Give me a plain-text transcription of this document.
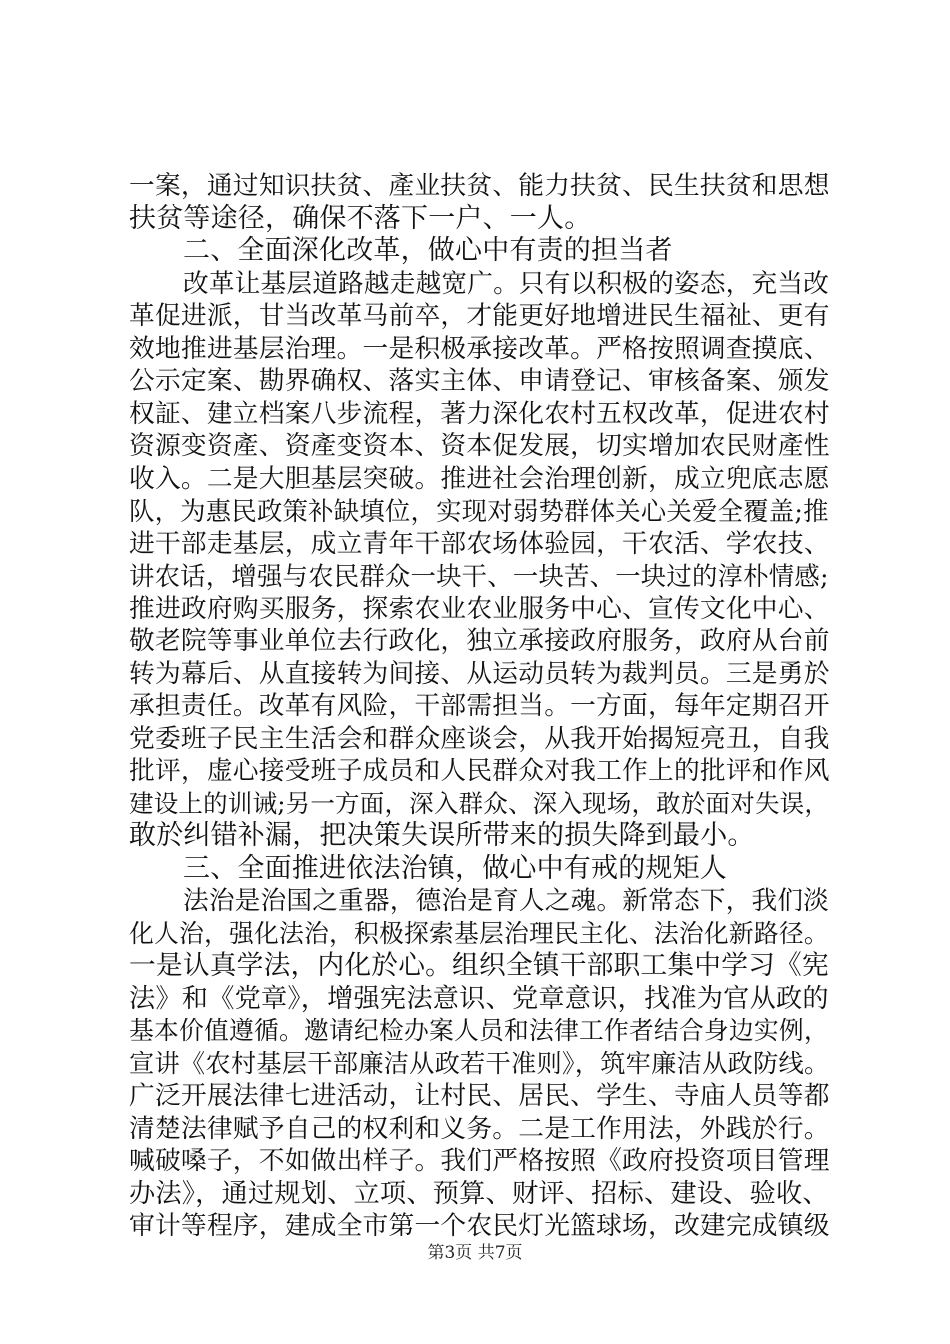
一案，通过知识扶贫、產业扶贫、能力扶贫、民生扶贫和思想
扶贫等途径，确保不落下一户、一人。
二、全面深化改革，做心中有责的担当者
改革让基层道路越走越宽广。只有以积极的姿态，充当改
革促进派，甘当改革马前卒，才能更好地增进民生福祉、更有
效地推进基层治理。一是积极承接改革。严格按照调查摸底、
公示定案、勘界确权、落实主体、申请登记、审核备案、颁发
权証、建立档案八步流程，著力深化农村五权改革，促进农村
资源变资產、资產变资本、资本促发展，切实增加农民财產性
收入。二是大胆基层突破。推进社会治理创新，成立兜底志愿
队，为惠民政策补缺填位，实现对弱势群体关心关爱全覆盖;推
进干部走基层，成立青年干部农场体验园，干农活、学农技、
讲农话，增强与农民群众一块干、一块苦、一块过的淳朴情感;
推进政府购买服务，探索农业农业服务中心、宣传文化中心、
敬老院等事业单位去行政化，独立承接政府服务，政府从台前
转为幕后、从直接转为间接、从运动员转为裁判员。三是勇於
承担责任。改革有风险，干部需担当。一方面，每年定期召开
党委班子民主生活会和群众座谈会，从我开始揭短亮丑，自我
批评，虚心接受班子成员和人民群众对我工作上的批评和作风
建设上的训诫;另一方面，深入群众、深入现场，敢於面对失误，
敢於纠错补漏，把决策失误所带来的损失降到最小。
三、全面推进依法治镇，做心中有戒的规矩人
法治是治国之重器，德治是育人之魂。新常态下，我们淡
化人治，强化法治，积极探索基层治理民主化、法治化新路径。
一是认真学法，内化於心。组织全镇干部职工集中学习《宪
法》和《党章》，增强宪法意识、党章意识，找准为官从政的
基本价值遵循。邀请纪检办案人员和法律工作者结合身边实例，
宣讲《农村基层干部廉洁从政若干准则》，筑牢廉洁从政防线。
广泛开展法律七进活动，让村民、居民、学生、寺庙人员等都
清楚法律赋予自己的权利和义务。二是工作用法，外践於行。
喊破嗓子，不如做出样子。我们严格按照《政府投资项目管理
办法》，通过规划、立项、预算、财评、招标、建设、验收、
审计等程序，建成全市第一个农民灯光篮球场，改建完成镇级
第3页 共7页
